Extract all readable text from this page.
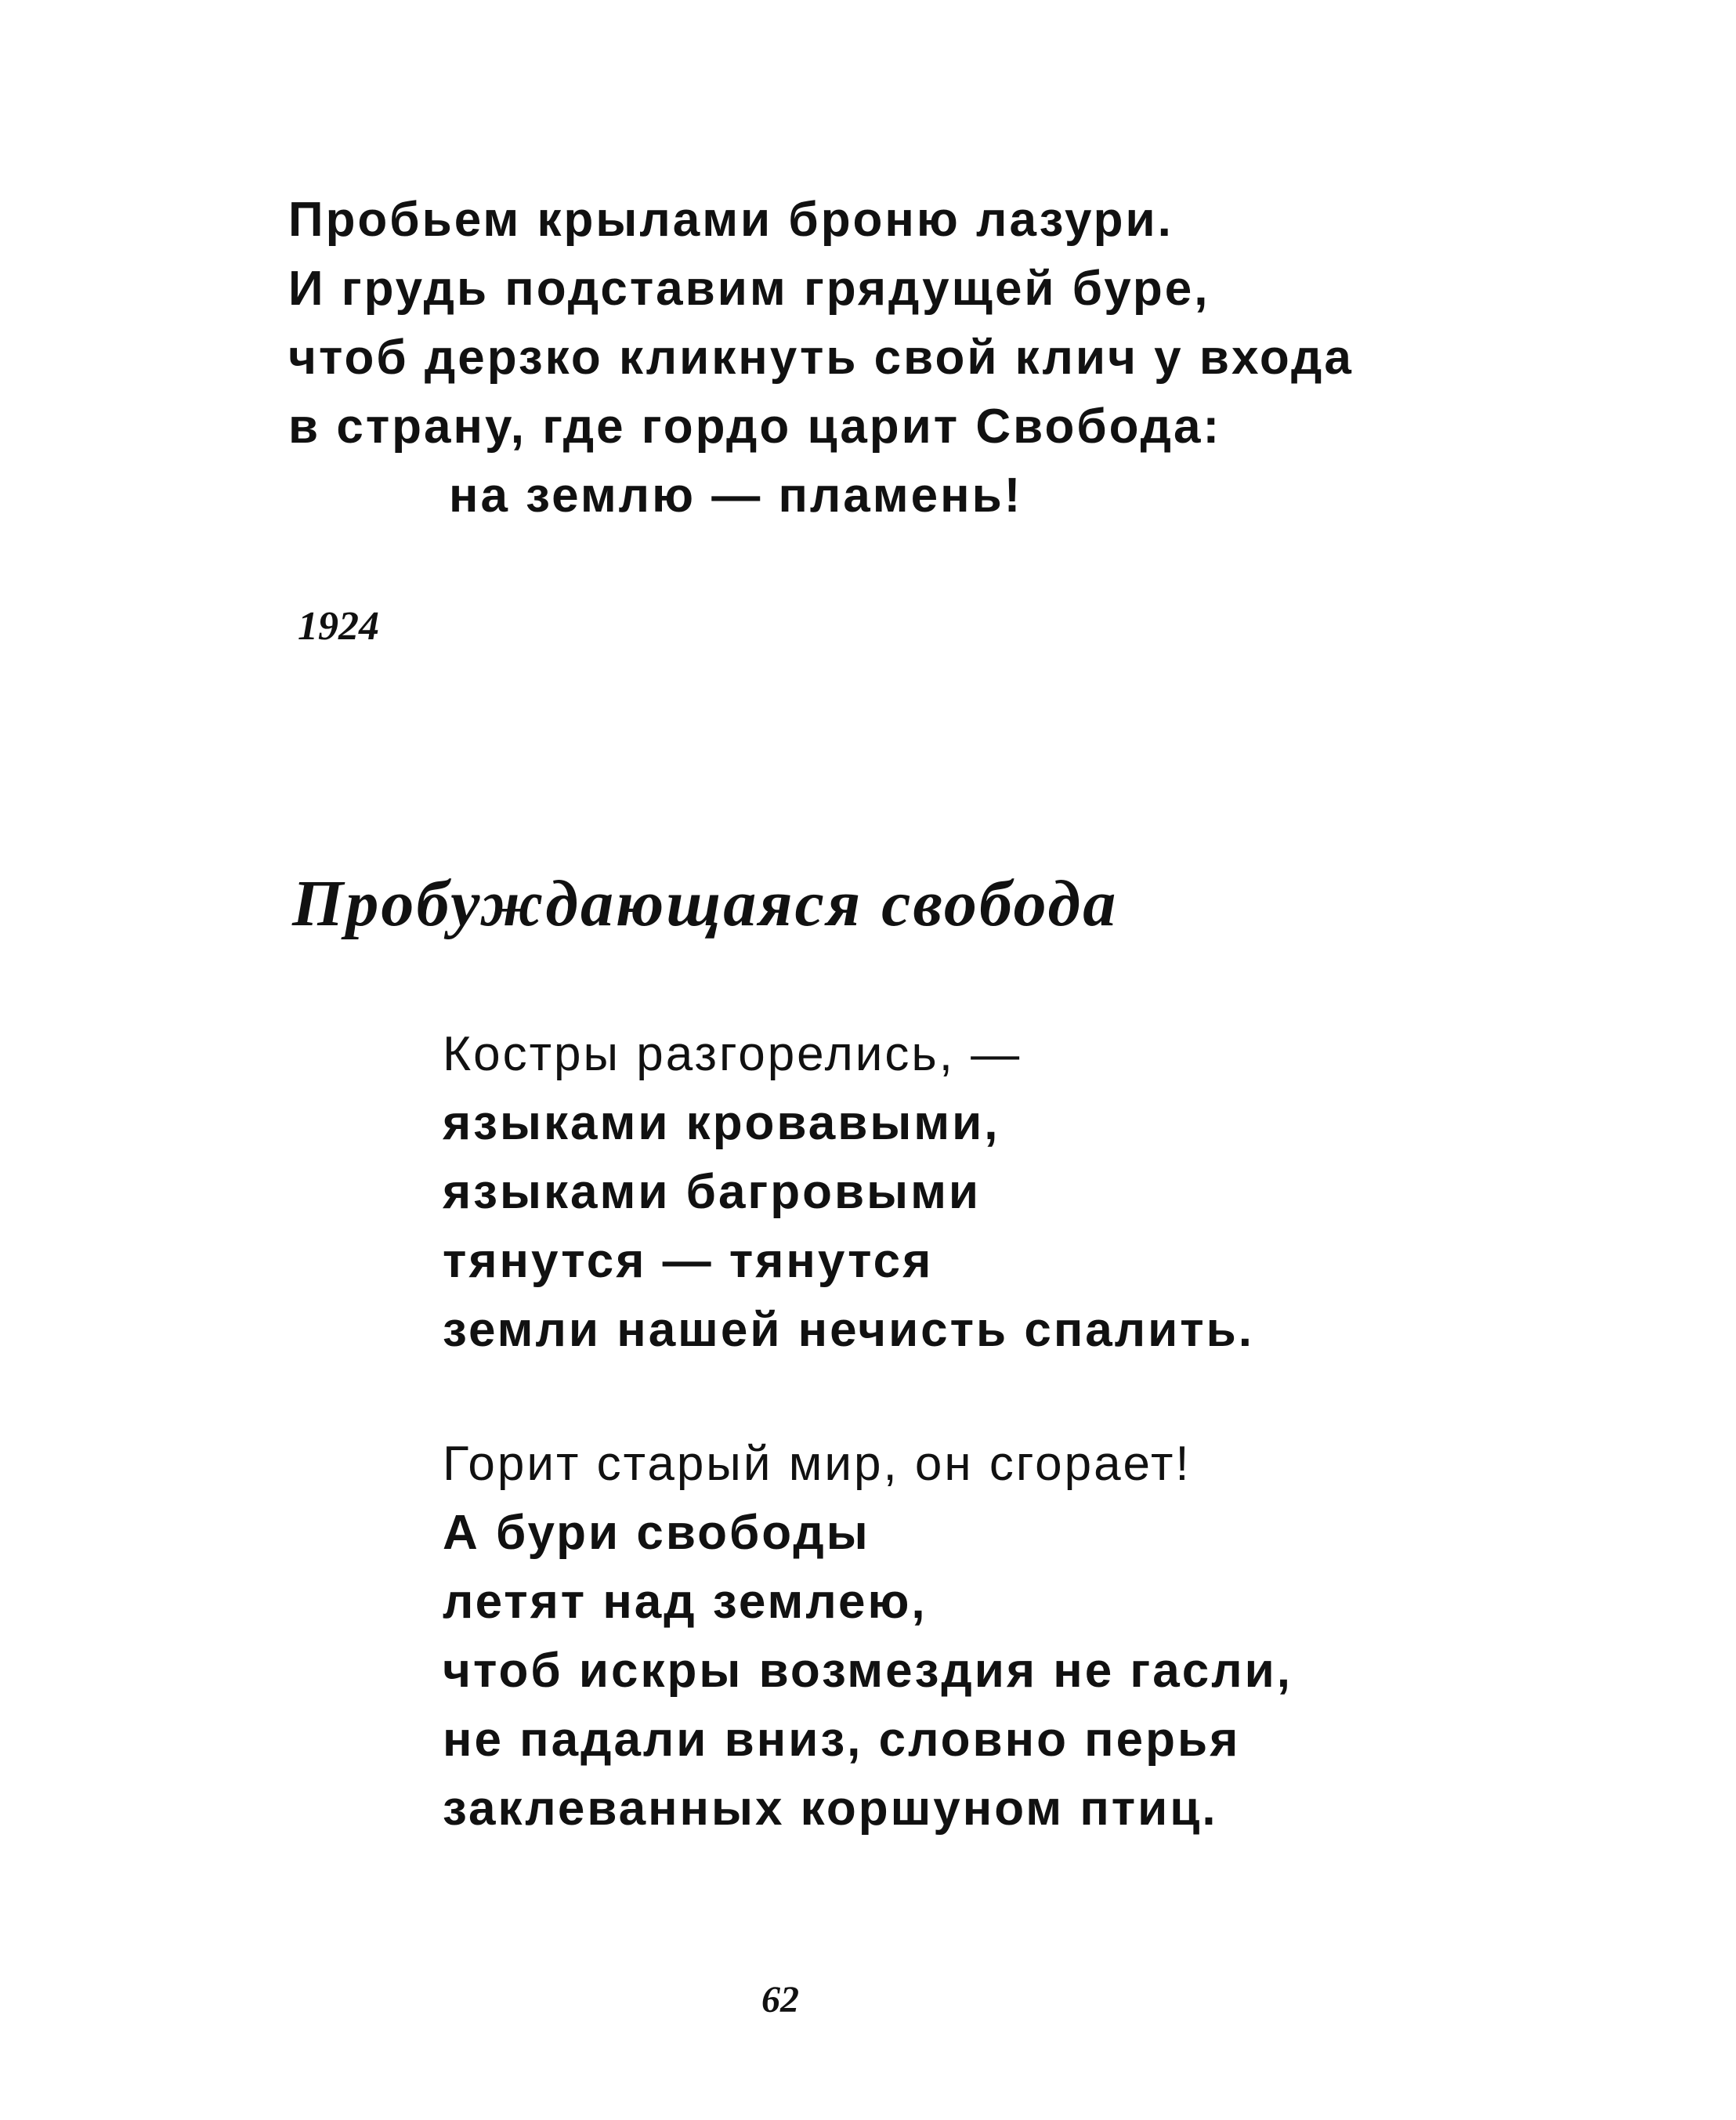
Пробьем крылами броню лазури.
И грудь подставим грядущей буре,
чтоб дерзко кликнуть свой клич у входа
в страну, где гордо царит Свобода:
на землю — пламень!
1924
Пробуждающаяся свобода
Костры разгорелись, —
языками кровавыми,
языками багровыми
тянутся — тянутся
земли нашей нечисть спалить.
Горит старый мир, он сгорает!
А бури свободы
летят над землею,
чтоб искры возмездия не гасли,
не падали вниз, словно перья
заклеванных коршуном птиц.
62
